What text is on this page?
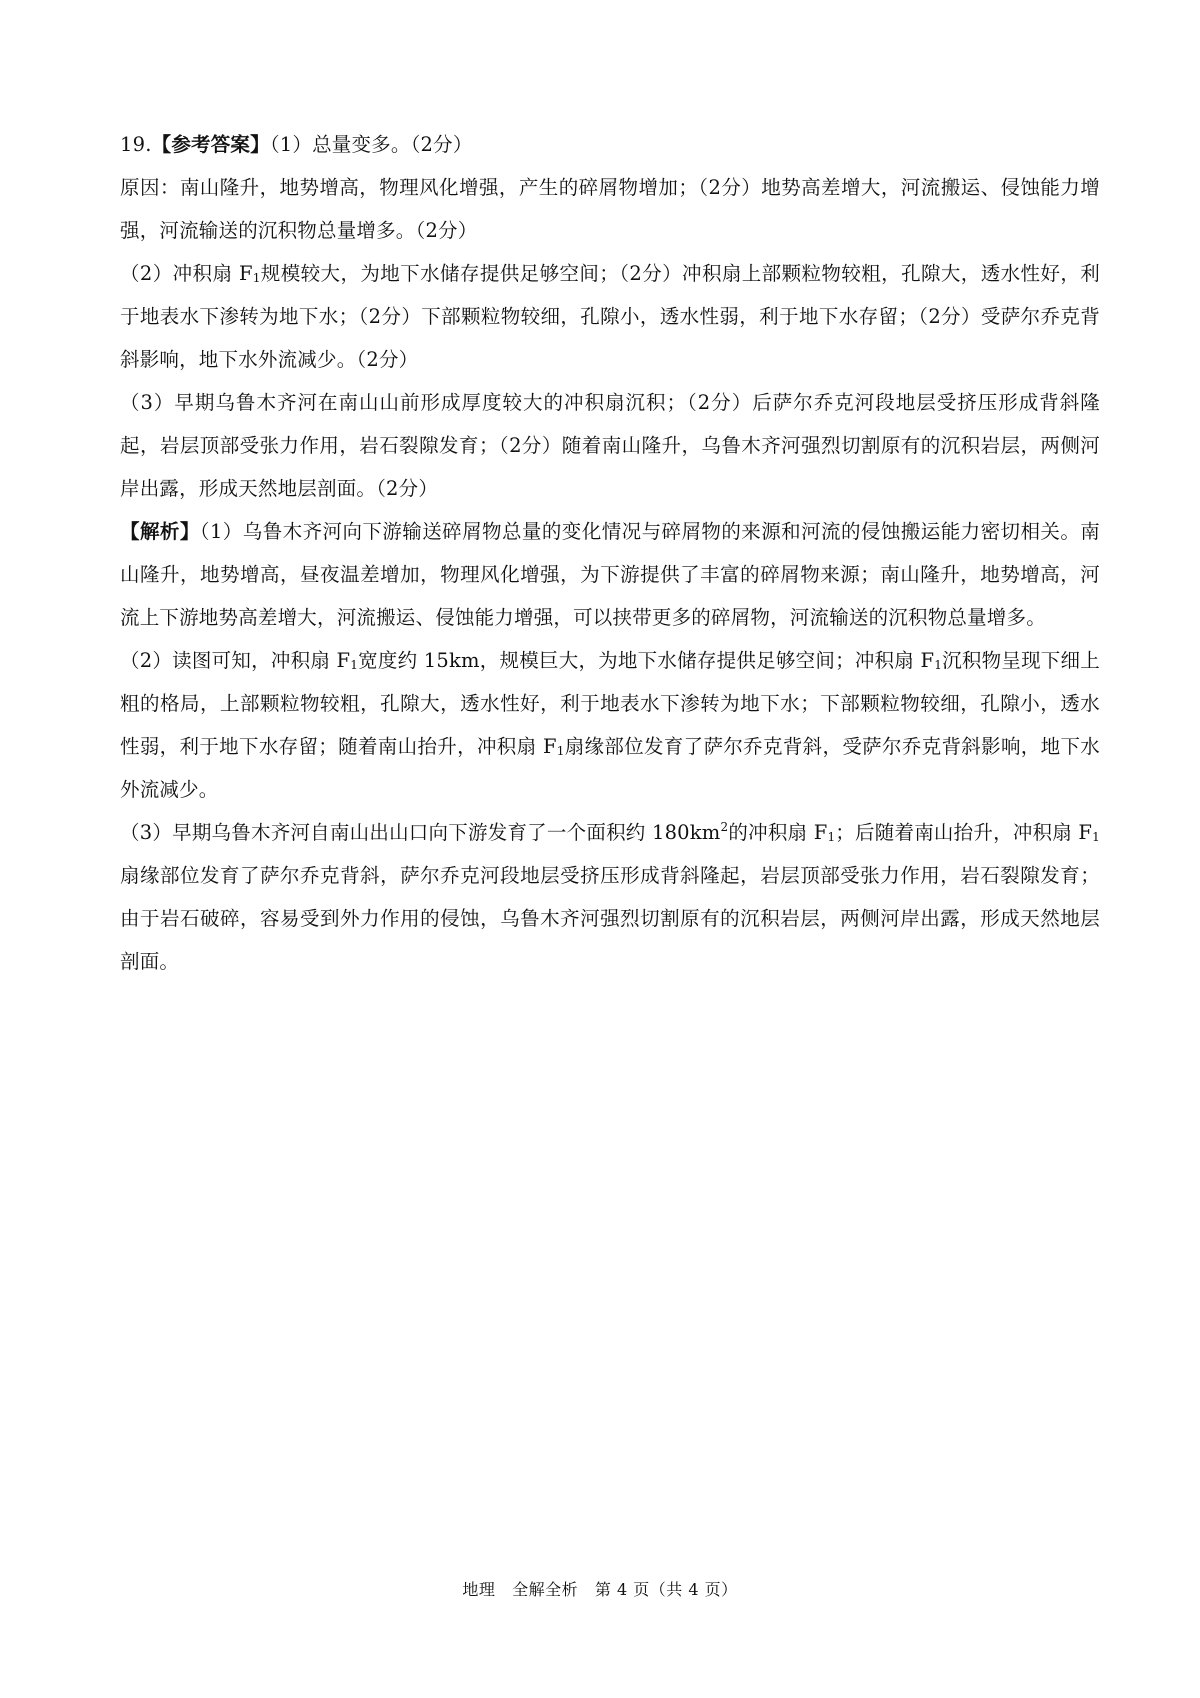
19.【参考答案】（1）总量变多。（2分）

原因：南山隆升，地势增高，物理风化增强，产生的碎屑物增加；（2分）地势高差增大，河流搬运、侵蚀能力增强，河流输送的沉积物总量增多。（2分）

（2）冲积扇 $F_1$规模较大，为地下水储存提供足够空间；（2分）冲积扇上部颗粒物较粗，孔隙大，透水性好，利于地表水下渗转为地下水；（2分）下部颗粒物较细，孔隙小，透水性弱，利于地下水存留；（2分）受萨尔乔克背斜影响，地下水外流减少。（2分）

（3）早期乌鲁木齐河在南山山前形成厚度较大的冲积扇沉积；（2分）后萨尔乔克河段地层受挤压形成背斜隆起，岩层顶部受张力作用，岩石裂隙发育；（2分）随着南山隆升，乌鲁木齐河强烈切割原有的沉积岩层，两侧河岸出露，形成天然地层剖面。（2分）

【解析】（1）乌鲁木齐河向下游输送碎屑物总量的变化情况与碎屑物的来源和河流的侵蚀搬运能力密切相关。南山隆升，地势增高，昼夜温差增加，物理风化增强，为下游提供了丰富的碎屑物来源；南山隆升，地势增高，河流上下游地势高差增大，河流搬运、侵蚀能力增强，可以挟带更多的碎屑物，河流输送的沉积物总量增多。

（2）读图可知，冲积扇 $F_1$宽度约 15km，规模巨大，为地下水储存提供足够空间；冲积扇 $F_1$沉积物呈现下细上粗的格局，上部颗粒物较粗，孔隙大，透水性好，利于地表水下渗转为地下水；下部颗粒物较细，孔隙小，透水性弱，利于地下水存留；随着南山抬升，冲积扇 $F_1$扇缘部位发育了萨尔乔克背斜，受萨尔乔克背斜影响，地下水外流减少。

（3）早期乌鲁木齐河自南山出山口向下游发育了一个面积约 $180km^2$的冲积扇 $F_1$；后随着南山抬升，冲积扇 $F_1$扇缘部位发育了萨尔乔克背斜，萨尔乔克河段地层受挤压形成背斜隆起，岩层顶部受张力作用，岩石裂隙发育；由于岩石破碎，容易受到外力作用的侵蚀，乌鲁木齐河强烈切割原有的沉积岩层，两侧河岸出露，形成天然地层剖面。

地理   全解全析   第 4 页（共 4 页）
